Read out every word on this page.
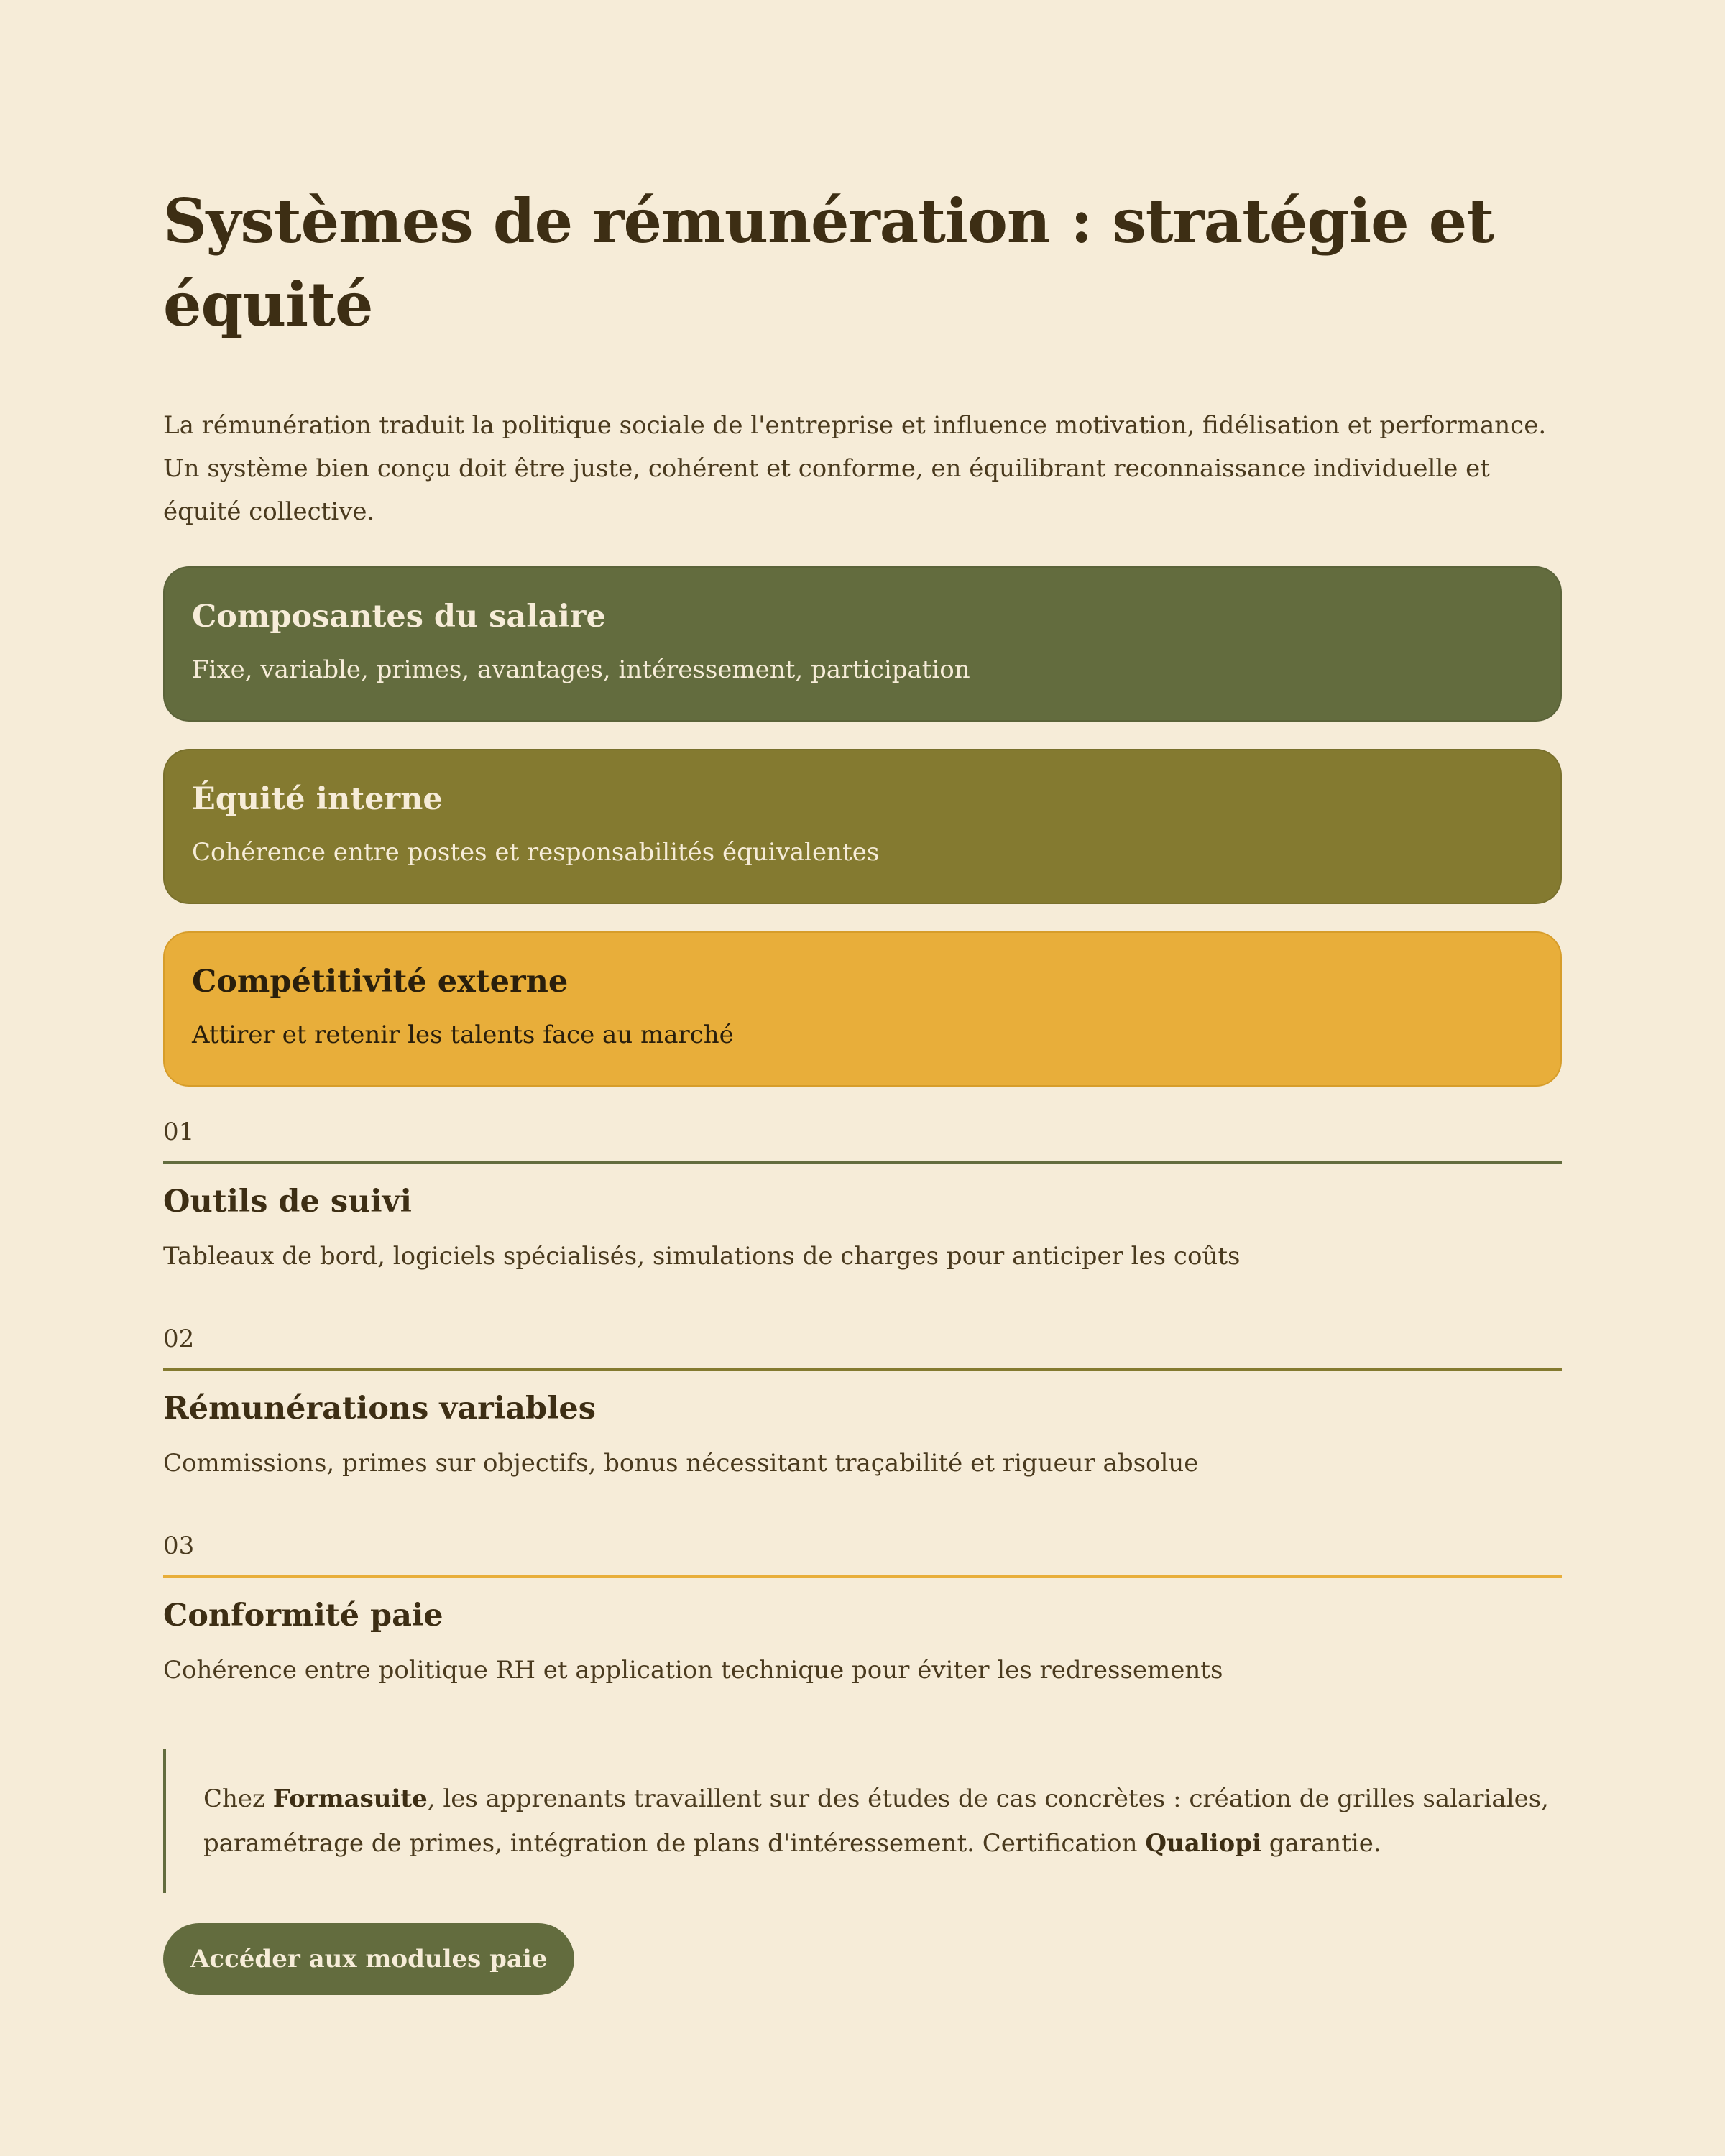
Systèmes de rémunération : stratégie et équité

La rémunération traduit la politique sociale de l'entreprise et influence motivation, fidélisation et performance. Un système bien conçu doit être juste, cohérent et conforme, en équilibrant reconnaissance individuelle et équité collective.

Composantes du salaire
Fixe, variable, primes, avantages, intéressement, participation
Équité interne
Cohérence entre postes et responsabilités équivalentes
Compétitivité externe
Attirer et retenir les talents face au marché
01
Outils de suivi
Tableaux de bord, logiciels spécialisés, simulations de charges pour anticiper les coûts
02
Rémunérations variables
Commissions, primes sur objectifs, bonus nécessitant traçabilité et rigueur absolue
03
Conformité paie
Cohérence entre politique RH et application technique pour éviter les redressements
Chez Formasuite, les apprenants travaillent sur des études de cas concrètes : création de grilles salariales, paramétrage de primes, intégration de plans d'intéressement. Certification Qualiopi garantie.
Accéder aux modules paie
